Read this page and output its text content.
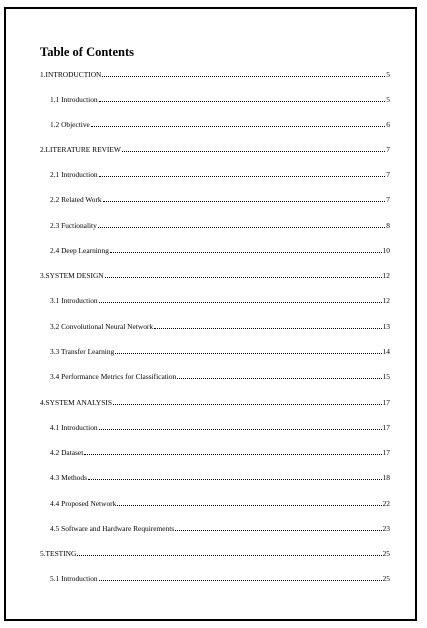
Table of Contents
1.INTRODUCTION	5
1.1 Introduction	5
1.2 Objective	6
2.LITERATURE REVIEW	7
2.1 Introduction	7
2.2 Related Work	7
2.3 Fuctionality	8
2.4 Deep Learninng	10
3.SYSTEM DESIGN	12
3.1 Introduction	12
3.2 Convolutional Neural Network	13
3.3 Transfer Learning	14
3.4 Performance Metrics for Classification	15
4.SYSTEM ANALYSIS	17
4.1 Introduction	17
4.2 Dataset	17
4.3 Methods	18
4.4 Proposed Network	22
4.5 Software and Hardware Requirements	23
5.TESTING	25
5.1 Introduction	25
